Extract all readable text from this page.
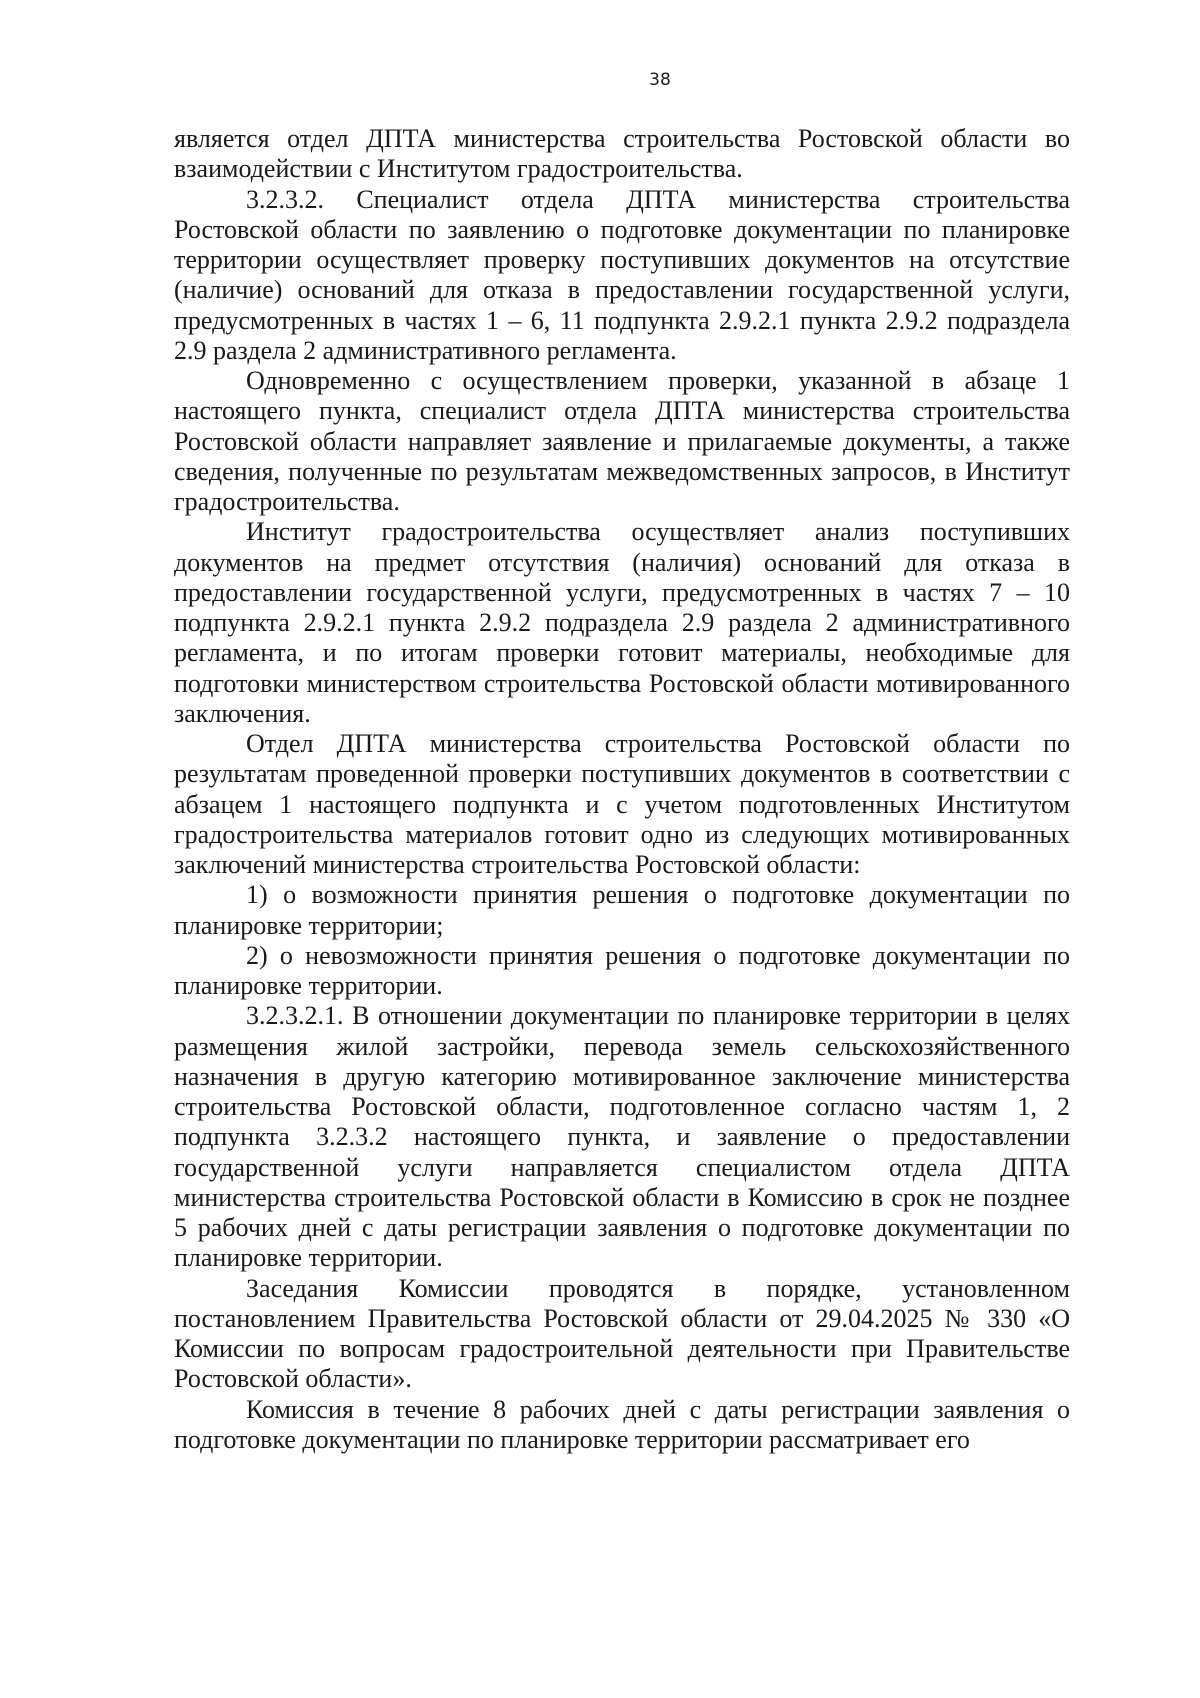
38

является отдел ДПТА министерства строительства Ростовской области во взаимодействии с Институтом градостроительства.

3.2.3.2. Специалист отдела ДПТА министерства строительства Ростовской области по заявлению о подготовке документации по планировке территории осуществляет проверку поступивших документов на отсутствие (наличие) оснований для отказа в предоставлении государственной услуги, предусмотренных в частях 1 – 6, 11 подпункта 2.9.2.1 пункта 2.9.2 подраздела 2.9 раздела 2 административного регламента.

Одновременно с осуществлением проверки, указанной в абзаце 1 настоящего пункта, специалист отдела ДПТА министерства строительства Ростовской области направляет заявление и прилагаемые документы, а также сведения, полученные по результатам межведомственных запросов, в Институт градостроительства.

Институт градостроительства осуществляет анализ поступивших документов на предмет отсутствия (наличия) оснований для отказа в предоставлении государственной услуги, предусмотренных в частях 7 – 10 подпункта 2.9.2.1 пункта 2.9.2 подраздела 2.9 раздела 2 административного регламента, и по итогам проверки готовит материалы, необходимые для подготовки министерством строительства Ростовской области мотивированного заключения.

Отдел ДПТА министерства строительства Ростовской области по результатам проведенной проверки поступивших документов в соответствии с абзацем 1 настоящего подпункта и с учетом подготовленных Институтом градостроительства материалов готовит одно из следующих мотивированных заключений министерства строительства Ростовской области:

1) о возможности принятия решения о подготовке документации по планировке территории;

2) о невозможности принятия решения о подготовке документации по планировке территории.

3.2.3.2.1. В отношении документации по планировке территории в целях размещения жилой застройки, перевода земель сельскохозяйственного назначения в другую категорию мотивированное заключение министерства строительства Ростовской области, подготовленное согласно частям 1, 2 подпункта 3.2.3.2 настоящего пункта, и заявление о предоставлении государственной услуги направляется специалистом отдела ДПТА министерства строительства Ростовской области в Комиссию в срок не позднее 5 рабочих дней с даты регистрации заявления о подготовке документации по планировке территории.

Заседания Комиссии проводятся в порядке, установленном постановлением Правительства Ростовской области от 29.04.2025 № 330 «О Комиссии по вопросам градостроительной деятельности при Правительстве Ростовской области».

Комиссия в течение 8 рабочих дней с даты регистрации заявления о подготовке документации по планировке территории рассматривает его
